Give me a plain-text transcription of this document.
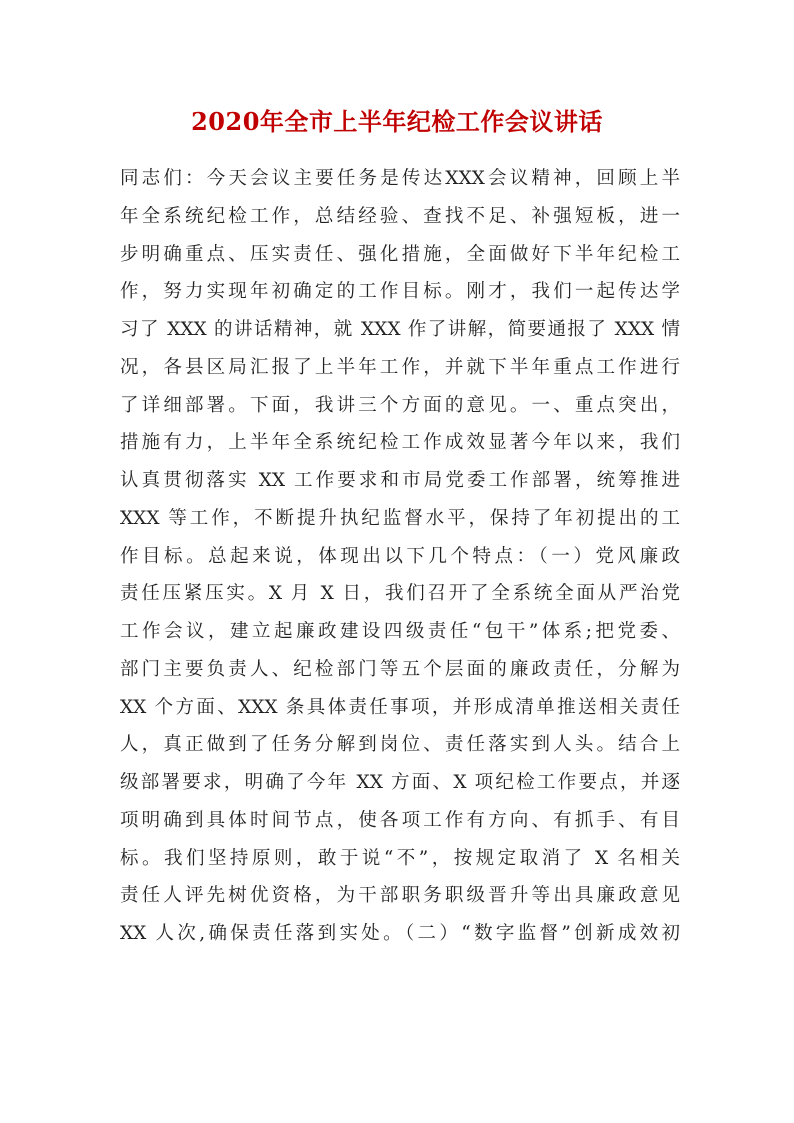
2020年全市上半年纪检工作会议讲话
同志们：今天会议主要任务是传达XXX会议精神，回顾上半
年全系统纪检工作，总结经验、查找不足、补强短板，进一
步明确重点、压实责任、强化措施，全面做好下半年纪检工
作，努力实现年初确定的工作目标。刚才，我们一起传达学
习了 XXX 的讲话精神，就 XXX 作了讲解，简要通报了 XXX 情
况，各县区局汇报了上半年工作，并就下半年重点工作进行
了详细部署。下面，我讲三个方面的意见。一、重点突出，
措施有力，上半年全系统纪检工作成效显著今年以来，我们
认真贯彻落实 XX 工作要求和市局党委工作部署，统筹推进
XXX 等工作，不断提升执纪监督水平，保持了年初提出的工
作目标。总起来说，体现出以下几个特点：（一）党风廉政
责任压紧压实。X 月 X 日，我们召开了全系统全面从严治党
工作会议，建立起廉政建设四级责任“包干”体系;把党委、
部门主要负责人、纪检部门等五个层面的廉政责任，分解为
XX 个方面、XXX 条具体责任事项，并形成清单推送相关责任
人，真正做到了任务分解到岗位、责任落实到人头。结合上
级部署要求，明确了今年 XX 方面、X 项纪检工作要点，并逐
项明确到具体时间节点，使各项工作有方向、有抓手、有目
标。我们坚持原则，敢于说“不”，按规定取消了 X 名相关
责任人评先树优资格，为干部职务职级晋升等出具廉政意见
XX 人次,确保责任落到实处。（二）“数字监督”创新成效初
